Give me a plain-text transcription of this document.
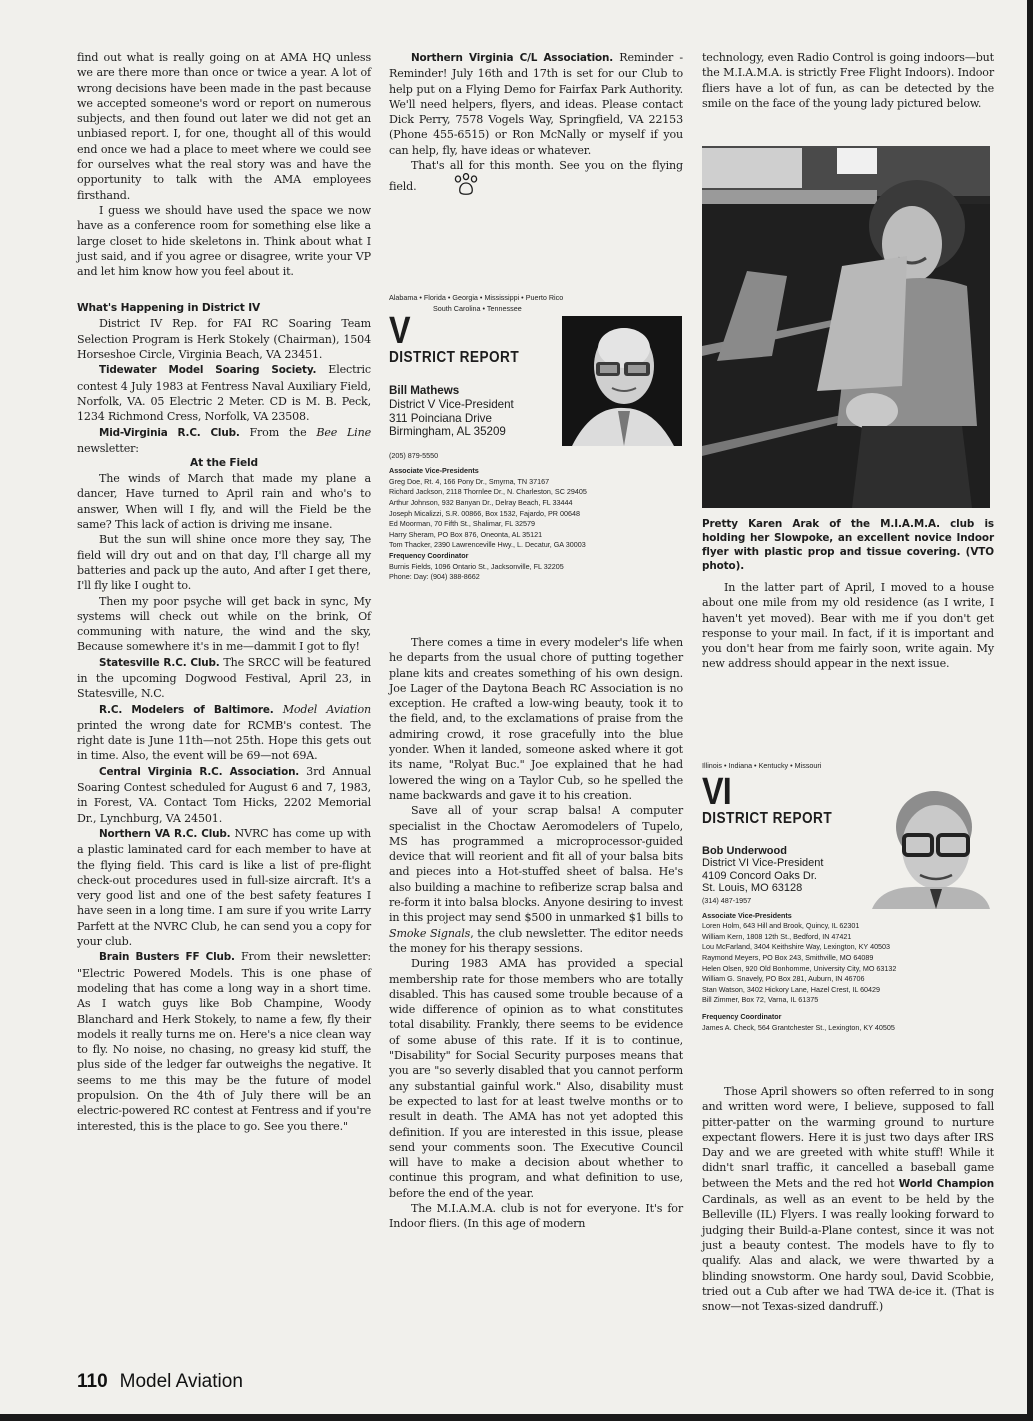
find out what is really going on at AMA HQ unless we are there more than once or twice a year. A lot of wrong decisions have been made in the past because we accepted someone's word or report on numerous subjects, and then found out later we did not get an unbiased report. I, for one, thought all of this would end once we had a place to meet where we could see for ourselves what the real story was and have the opportunity to talk with the AMA employees firsthand.

I guess we should have used the space we now have as a conference room for something else like a large closet to hide skeletons in. Think about what I just said, and if you agree or disagree, write your VP and let him know how you feel about it.

What's Happening in District IV

District IV Rep. for FAI RC Soaring Team Selection Program is Herk Stokely (Chairman), 1504 Horseshoe Circle, Virginia Beach, VA 23451.

Tidewater Model Soaring Society. Electric contest 4 July 1983 at Fentress Naval Auxiliary Field, Norfolk, VA. 05 Electric 2 Meter. CD is M. B. Peck, 1234 Richmond Cress, Norfolk, VA 23508.

Mid-Virginia R.C. Club. From the Bee Line newsletter:

At the Field

The winds of March that made my plane a dancer, Have turned to April rain and who's to answer, When will I fly, and will the Field be the same? This lack of action is driving me insane.

But the sun will shine once more they say, The field will dry out and on that day, I'll charge all my batteries and pack up the auto, And after I get there, I'll fly like I ought to.

Then my poor psyche will get back in sync, My systems will check out while on the brink, Of communing with nature, the wind and the sky, Because somewhere it's in me—dammit I got to fly!

Statesville R.C. Club. The SRCC will be featured in the upcoming Dogwood Festival, April 23, in Statesville, N.C.

R.C. Modelers of Baltimore. Model Aviation printed the wrong date for RCMB's contest. The right date is June 11th—not 25th. Hope this gets out in time. Also, the event will be 69—not 69A.

Central Virginia R.C. Association. 3rd Annual Soaring Contest scheduled for August 6 and 7, 1983, in Forest, VA. Contact Tom Hicks, 2202 Memorial Dr., Lynchburg, VA 24501.

Northern VA R.C. Club. NVRC has come up with a plastic laminated card for each member to have at the flying field. This card is like a list of pre-flight check-out procedures used in full-size aircraft. It's a very good list and one of the best safety features I have seen in a long time. I am sure if you write Larry Parfett at the NVRC Club, he can send you a copy for your club.

Brain Busters FF Club. From their newsletter: "Electric Powered Models. This is one phase of modeling that has come a long way in a short time. As I watch guys like Bob Champine, Woody Blanchard and Herk Stokely, to name a few, fly their models it really turns me on. Here's a nice clean way to fly. No noise, no chasing, no greasy kid stuff, the plus side of the ledger far outweighs the negative. It seems to me this may be the future of model propulsion. On the 4th of July there will be an electric-powered RC contest at Fentress and if you're interested, this is the place to go. See you there."

Northern Virginia C/L Association. Reminder - Reminder! July 16th and 17th is set for our Club to help put on a Flying Demo for Fairfax Park Authority. We'll need helpers, flyers, and ideas. Please contact Dick Perry, 7578 Vogels Way, Springfield, VA 22153 (Phone 455-6515) or Ron McNally or myself if you can help, fly, have ideas or whatever.

That's all for this month. See you on the flying field.

Alabama • Florida • Georgia • Mississippi • Puerto Rico
South Carolina • Tennessee
V
DISTRICT REPORT
Bill Mathews
District V Vice-President
311 Poinciana Drive
Birmingham, AL 35209
(205) 879-5550
Associate Vice-Presidents
Greg Doe, Rt. 4, 166 Pony Dr., Smyrna, TN 37167
Richard Jackson, 2118 Thornlee Dr., N. Charleston, SC 29405
Arthur Johnson, 932 Banyan Dr., Delray Beach, FL 33444
Joseph Micalizzi, S.R. 00866, Box 1532, Fajardo, PR 00648
Ed Moorman, 70 Fifth St., Shalimar, FL 32579
Harry Sheram, PO Box 876, Oneonta, AL 35121
Tom Thacker, 2390 Lawrenceville Hwy., L. Decatur, GA 30003
Frequency Coordinator
Burnis Fields, 1096 Ontario St., Jacksonville, FL 32205
Phone: Day: (904) 388-8662

There comes a time in every modeler's life when he departs from the usual chore of putting together plane kits and creates something of his own design. Joe Lager of the Daytona Beach RC Association is no exception. He crafted a low-wing beauty, took it to the field, and, to the exclamations of praise from the admiring crowd, it rose gracefully into the blue yonder. When it landed, someone asked where it got its name, "Rolyat Buc." Joe explained that he had lowered the wing on a Taylor Cub, so he spelled the name backwards and gave it to his creation.

Save all of your scrap balsa! A computer specialist in the Choctaw Aeromodelers of Tupelo, MS has programmed a microprocessor-guided device that will reorient and fit all of your balsa bits and pieces into a Hot-stuffed sheet of balsa. He's also building a machine to refiberize scrap balsa and re-form it into balsa blocks. Anyone desiring to invest in this project may send $500 in unmarked $1 bills to Smoke Signals, the club newsletter. The editor needs the money for his therapy sessions.

During 1983 AMA has provided a special membership rate for those members who are totally disabled. This has caused some trouble because of a wide difference of opinion as to what constitutes total disability. Frankly, there seems to be evidence of some abuse of this rate. If it is to continue, "Disability" for Social Security purposes means that you are "so severly disabled that you cannot perform any substantial gainful work." Also, disability must be expected to last for at least twelve months or to result in death. The AMA has not yet adopted this definition. If you are interested in this issue, please send your comments soon. The Executive Council will have to make a decision about whether to continue this program, and what definition to use, before the end of the year.

The M.I.A.M.A. club is not for everyone. It's for Indoor fliers. (In this age of modern

technology, even Radio Control is going indoors—but the M.I.A.M.A. is strictly Free Flight Indoors). Indoor fliers have a lot of fun, as can be detected by the smile on the face of the young lady pictured below.

Pretty Karen Arak of the M.I.A.M.A. club is holding her Slowpoke, an excellent novice Indoor flyer with plastic prop and tissue covering. (VTO photo).

In the latter part of April, I moved to a house about one mile from my old residence (as I write, I haven't yet moved). Bear with me if you don't get response to your mail. In fact, if it is important and you don't hear from me fairly soon, write again. My new address should appear in the next issue.

Illinois • Indiana • Kentucky • Missouri
VI
DISTRICT REPORT
Bob Underwood
District VI Vice-President
4109 Concord Oaks Dr.
St. Louis, MO 63128
(314) 487-1957
Associate Vice-Presidents
Loren Holm, 643 Hill and Brook, Quincy, IL 62301
William Kern, 1808 12th St., Bedford, IN 47421
Lou McFarland, 3404 Keithshire Way, Lexington, KY 40503
Raymond Meyers, PO Box 243, Smithville, MO 64089
Helen Olsen, 920 Old Bonhomme, University City, MO 63132
William G. Snavely, PO Box 281, Auburn, IN 46706
Stan Watson, 3402 Hickory Lane, Hazel Crest, IL 60429
Bill Zimmer, Box 72, Varna, IL 61375
Frequency Coordinator
James A. Check, 564 Grantchester St., Lexington, KY 40505

Those April showers so often referred to in song and written word were, I believe, supposed to fall pitter-patter on the warming ground to nurture expectant flowers. Here it is just two days after IRS Day and we are greeted with white stuff! While it didn't snarl traffic, it cancelled a baseball game between the Mets and the red hot World Champion Cardinals, as well as an event to be held by the Belleville (IL) Flyers. I was really looking forward to judging their Build-a-Plane contest, since it was not just a beauty contest. The models have to fly to qualify. Alas and alack, we were thwarted by a blinding snowstorm. One hardy soul, David Scobbie, tried out a Cub after we had TWA de-ice it. (That is snow—not Texas-sized dandruff.)

110 Model Aviation
